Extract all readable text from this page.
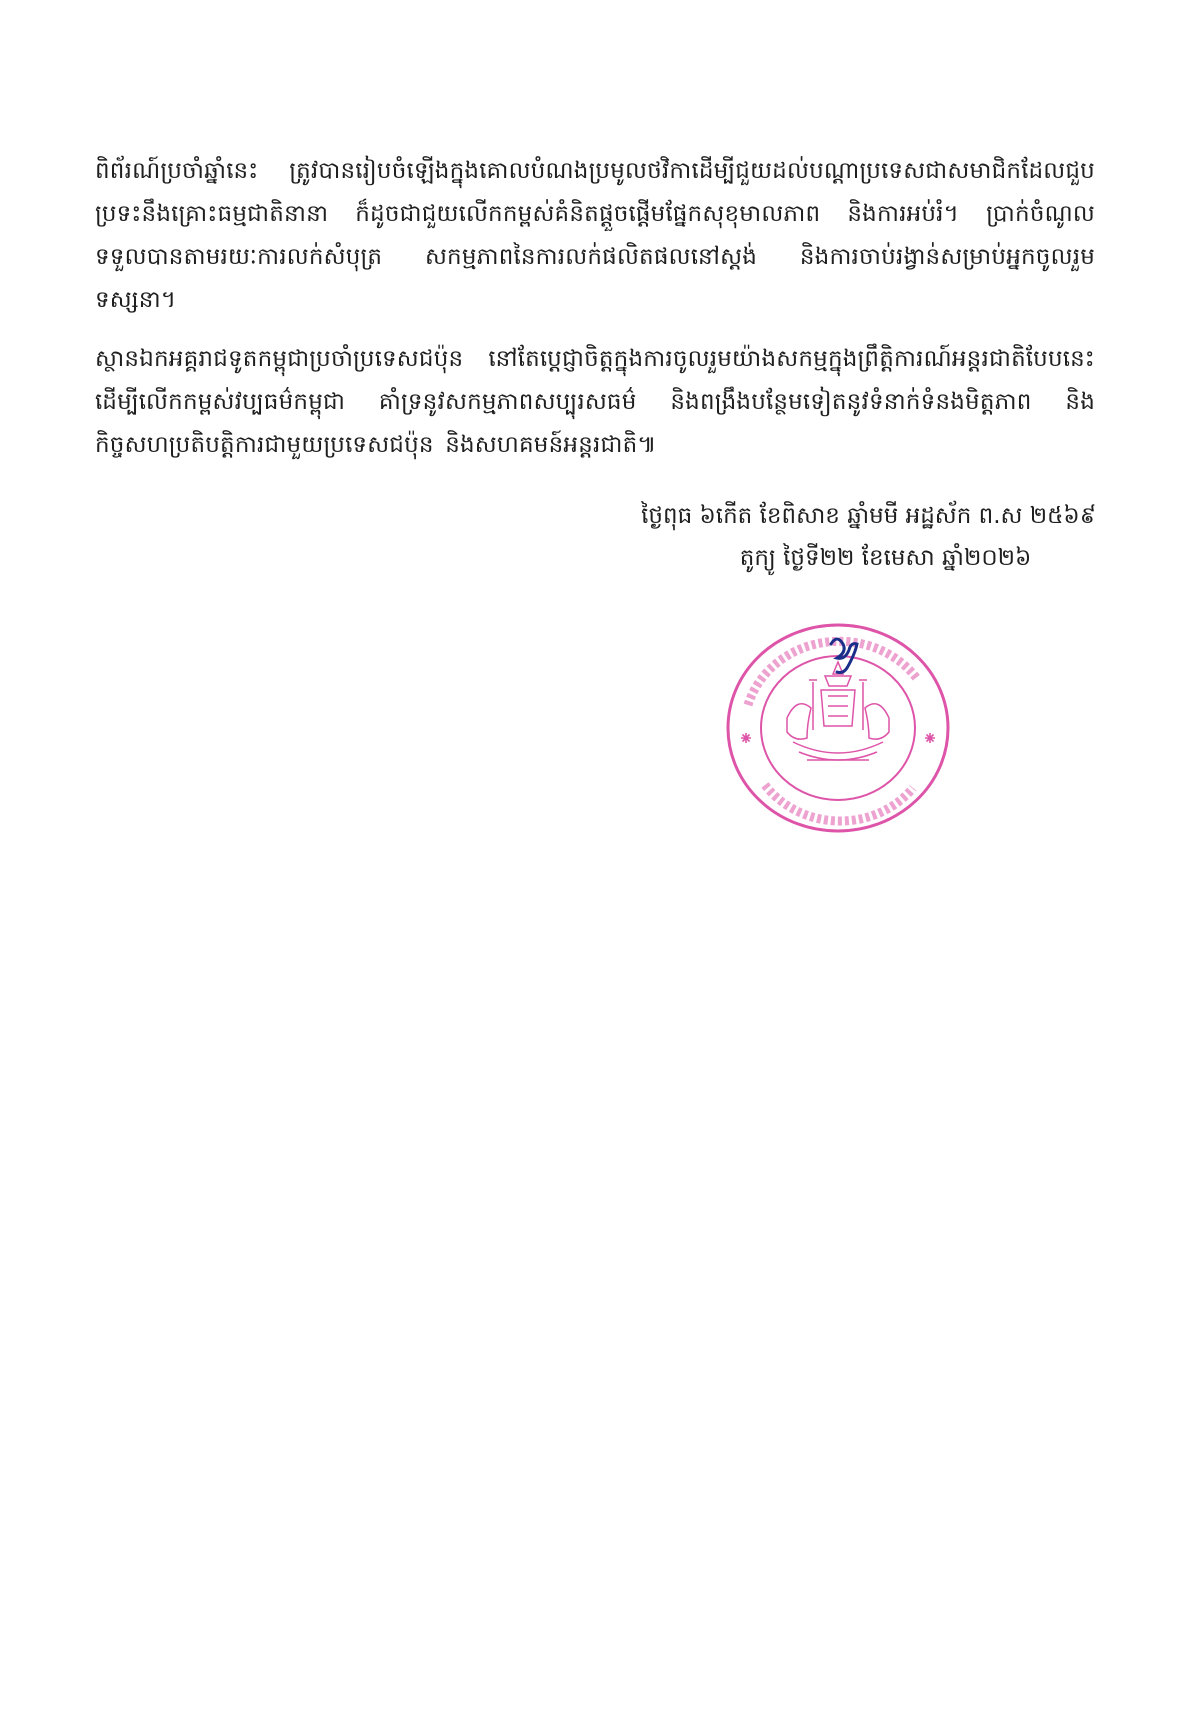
ពិព័រណ៍ប្រចាំឆ្នាំនេះ ត្រូវបានរៀបចំឡើងក្នុងគោលបំណងប្រមូលថវិកាដើម្បីជួយដល់បណ្ដាប្រទេសជាសមាជិកដែលជួបប្រទះនឹងគ្រោះធម្មជាតិនានា ក៏ដូចជាជួយលើកកម្ពស់គំនិតផ្ដួចផ្ដើមផ្នែកសុខុមាលភាព និងការអប់រំ។ ប្រាក់ចំណូល ទទួលបានតាមរយៈការលក់សំបុត្រ សកម្មភាពនៃការលក់ផលិតផលនៅស្ដង់ និងការចាប់រង្វាន់សម្រាប់អ្នកចូលរួមទស្សនា។

ស្ថានឯកអគ្គរាជទូតកម្ពុជាប្រចាំប្រទេសជប៉ុន នៅតែប្ដេជ្ញាចិត្តក្នុងការចូលរួមយ៉ាងសកម្មក្នុងព្រឹត្តិការណ៍អន្តរជាតិបែបនេះ ដើម្បីលើកកម្ពស់វប្បធម៌កម្ពុជា គាំទ្រនូវសកម្មភាពសប្បុរសធម៌ និងពង្រឹងបន្ថែមទៀតនូវទំនាក់ទំនងមិត្តភាព និងកិច្ចសហប្រតិបត្តិការជាមួយប្រទេសជប៉ុន និងសហគមន៍អន្តរជាតិ៕

ថ្ងៃពុធ ៦កើត ខែពិសាខ ឆ្នាំមមី អដ្ឋស័ក ព.ស ២៥៦៩
តូក្យូ ថ្ងៃទី២២ ខែមេសា ឆ្នាំ២០២៦
